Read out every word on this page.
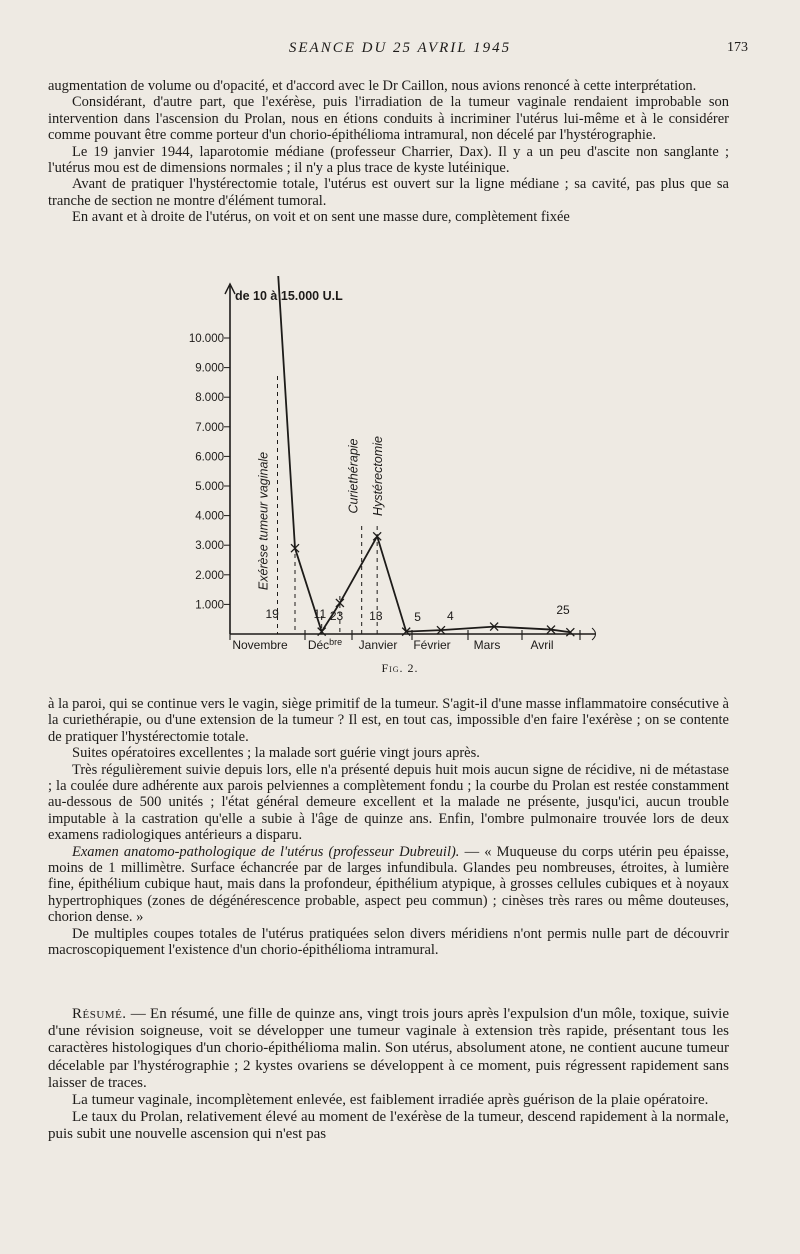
SEANCE DU 25 AVRIL 1945	173

augmentation de volume ou d'opacité, et d'accord avec le Dr Caillon, nous avions renoncé à cette interprétation.

Considérant, d'autre part, que l'exérèse, puis l'irradiation de la tumeur vaginale rendaient improbable son intervention dans l'ascension du Prolan, nous en étions conduits à incriminer l'utérus lui-même et à le considérer comme pouvant être comme porteur d'un chorio-épithélioma intramural, non décelé par l'hystérographie.

Le 19 janvier 1944, laparotomie médiane (professeur Charrier, Dax). Il y a un peu d'ascite non sanglante ; l'utérus mou est de dimensions normales ; il n'y a plus trace de kyste lutéinique.

Avant de pratiquer l'hystérectomie totale, l'utérus est ouvert sur la ligne médiane ; sa cavité, pas plus que sa tranche de section ne montre d'élément tumoral.

En avant et à droite de l'utérus, on voit et on sent une masse dure, complètement fixée

1.000
2.000
3.000
4.000
5.000
6.000
7.000
8.000
9.000
10.000
Novembre Déc$^{bre}$ Janvier Février Mars	Avril
de 10 à 15.000 U.L
Exérèse tumeur vaginale	Curiethérapie Hystérectomie
19	11 23 13	5 4	25
Fig. 2.

à la paroi, qui se continue vers le vagin, siège primitif de la tumeur. S'agit-il d'une masse inflammatoire consécutive à la curiethérapie, ou d'une extension de la tumeur ? Il est, en tout cas, impossible d'en faire l'exérèse ; on se contente de pratiquer l'hystérectomie totale.

Suites opératoires excellentes ; la malade sort guérie vingt jours après.

Très régulièrement suivie depuis lors, elle n'a présenté depuis huit mois aucun signe de récidive, ni de métastase ; la coulée dure adhérente aux parois pelviennes a complètement fondu ; la courbe du Prolan est restée constamment au-dessous de 500 unités ; l'état général demeure excellent et la malade ne présente, jusqu'ici, aucun trouble imputable à la castration qu'elle a subie à l'âge de quinze ans. Enfin, l'ombre pulmonaire trouvée lors de deux examens radiologiques antérieurs a disparu.

Examen anatomo-pathologique de l'utérus (professeur Dubreuil). — « Muqueuse du corps utérin peu épaisse, moins de 1 millimètre. Surface échancrée par de larges infundibula. Glandes peu nombreuses, étroites, à lumière fine, épithélium cubique haut, mais dans la profondeur, épithélium atypique, à grosses cellules cubiques et à noyaux hypertrophiques (zones de dégénérescence probable, aspect peu commun) ; cinèses très rares ou même douteuses, chorion dense. »

De multiples coupes totales de l'utérus pratiquées selon divers méridiens n'ont permis nulle part de découvrir macroscopiquement l'existence d'un chorio-épithélioma intramural.

Résumé. — En résumé, une fille de quinze ans, vingt trois jours après l'expulsion d'un môle, toxique, suivie d'une révision soigneuse, voit se développer une tumeur vaginale à extension très rapide, présentant tous les caractères histologiques d'un chorio-épithélioma malin. Son utérus, absolument atone, ne contient aucune tumeur décelable par l'hystérographie ; 2 kystes ovariens se développent à ce moment, puis régressent rapidement sans laisser de traces.

La tumeur vaginale, incomplètement enlevée, est faiblement irradiée après guérison de la plaie opératoire.

Le taux du Prolan, relativement élevé au moment de l'exérèse de la tumeur, descend rapidement à la normale, puis subit une nouvelle ascension qui n'est pas
